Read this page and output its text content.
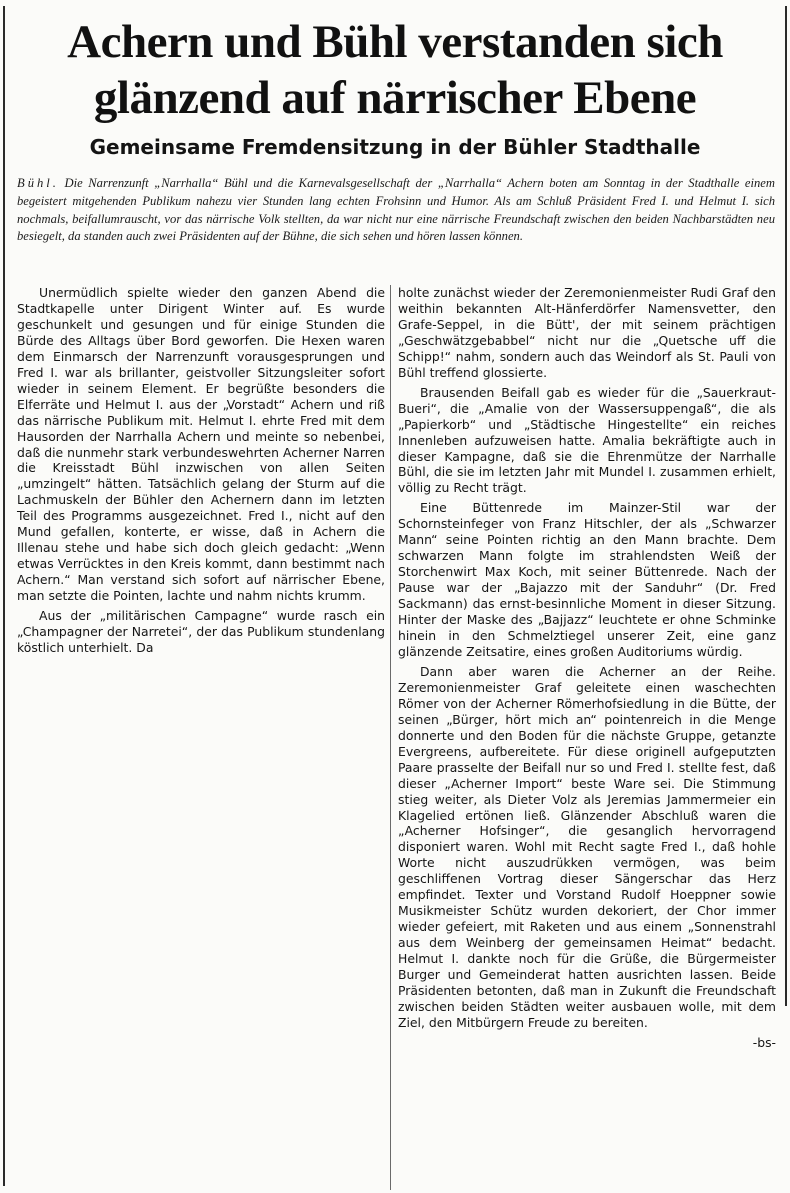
Achern und Bühl verstanden sich
glänzend auf närrischer Ebene
Gemeinsame Fremdensitzung in der Bühler Stadthalle

Bühl. Die Narrenzunft „Narrhalla“ Bühl und die Karnevalsgesellschaft der „Narrhalla“ Achern boten am Sonntag in der Stadthalle einem begeistert mitgehenden Publikum nahezu vier Stunden lang echten Frohsinn und Humor. Als am Schluß Präsident Fred I. und Helmut I. sich nochmals, beifallumrauscht, vor das närrische Volk stellten, da war nicht nur eine närrische Freundschaft zwischen den beiden Nachbarstädten neu besiegelt, da standen auch zwei Präsidenten auf der Bühne, die sich sehen und hören lassen können.

Unermüdlich spielte wieder den ganzen Abend die Stadtkapelle unter Dirigent Winter auf. Es wurde geschunkelt und gesungen und für einige Stunden die Bürde des Alltags über Bord geworfen. Die Hexen waren dem Einmarsch der Narrenzunft vorausgesprungen und Fred I. war als brillanter, geistvoller Sitzungsleiter sofort wieder in seinem Element. Er begrüßte besonders die Elferräte und Helmut I. aus der „Vorstadt“ Achern und riß das närrische Publikum mit. Helmut I. ehrte Fred mit dem Hausorden der Narrhalla Achern und meinte so nebenbei, daß die nunmehr stark verbundeswehrten Acherner Narren die Kreisstadt Bühl inzwischen von allen Seiten „umzingelt“ hätten. Tatsächlich gelang der Sturm auf die Lachmuskeln der Bühler den Achernern dann im letzten Teil des Programms ausgezeichnet. Fred I., nicht auf den Mund gefallen, konterte, er wisse, daß in Achern die Illenau stehe und habe sich doch gleich gedacht: „Wenn etwas Verrücktes in den Kreis kommt, dann bestimmt nach Achern.“ Man verstand sich sofort auf närrischer Ebene, man setzte die Pointen, lachte und nahm nichts krumm.

Aus der „militärischen Campagne“ wurde rasch ein „Champagner der Narretei“, der das Publikum stundenlang köstlich unterhielt. Da

holte zunächst wieder der Zeremonienmeister Rudi Graf den weithin bekannten Alt-Hänferdörfer Namensvetter, den Grafe-Seppel, in die Bütt', der mit seinem prächtigen „Geschwätzgebabbel“ nicht nur die „Quetsche uff die Schipp!“ nahm, sondern auch das Weindorf als St. Pauli von Bühl treffend glossierte.

Brausenden Beifall gab es wieder für die „Sauerkraut-Bueri“, die „Amalie von der Wassersuppengaß“, die als „Papierkorb“ und „Städtische Hingestellte“ ein reiches Innenleben aufzuweisen hatte. Amalia bekräftigte auch in dieser Kampagne, daß sie die Ehrenmütze der Narrhalle Bühl, die sie im letzten Jahr mit Mundel I. zusammen erhielt, völlig zu Recht trägt.

Eine Büttenrede im Mainzer-Stil war der Schornsteinfeger von Franz Hitschler, der als „Schwarzer Mann“ seine Pointen richtig an den Mann brachte. Dem schwarzen Mann folgte im strahlendsten Weiß der Storchenwirt Max Koch, mit seiner Büttenrede. Nach der Pause war der „Bajazzo mit der Sanduhr“ (Dr. Fred Sackmann) das ernst-besinnliche Moment in dieser Sitzung. Hinter der Maske des „Bajjazz“ leuchtete er ohne Schminke hinein in den Schmelztiegel unserer Zeit, eine ganz glänzende Zeitsatire, eines großen Auditoriums würdig.

Dann aber waren die Acherner an der Reihe. Zeremonienmeister Graf geleitete einen waschechten Römer von der Acherner Römerhofsiedlung in die Bütte, der seinen „Bürger, hört mich an“ pointenreich in die Menge donnerte und den Boden für die nächste Gruppe, getanzte Evergreens, aufbereitete. Für diese originell aufgeputzten Paare prasselte der Beifall nur so und Fred I. stellte fest, daß dieser „Acherner Import“ beste Ware sei. Die Stimmung stieg weiter, als Dieter Volz als Jeremias Jammermeier ein Klagelied ertönen ließ. Glänzender Abschluß waren die „Acherner Hofsinger“, die gesanglich hervorragend disponiert waren. Wohl mit Recht sagte Fred I., daß hohle Worte nicht auszudrükken vermögen, was beim geschliffenen Vortrag dieser Sängerschar das Herz empfindet. Texter und Vorstand Rudolf Hoeppner sowie Musikmeister Schütz wurden dekoriert, der Chor immer wieder gefeiert, mit Raketen und aus einem „Sonnenstrahl aus dem Weinberg der gemeinsamen Heimat“ bedacht. Helmut I. dankte noch für die Grüße, die Bürgermeister Burger und Gemeinderat hatten ausrichten lassen. Beide Präsidenten betonten, daß man in Zukunft die Freundschaft zwischen beiden Städten weiter ausbauen wolle, mit dem Ziel, den Mitbürgern Freude zu bereiten.

-bs-
